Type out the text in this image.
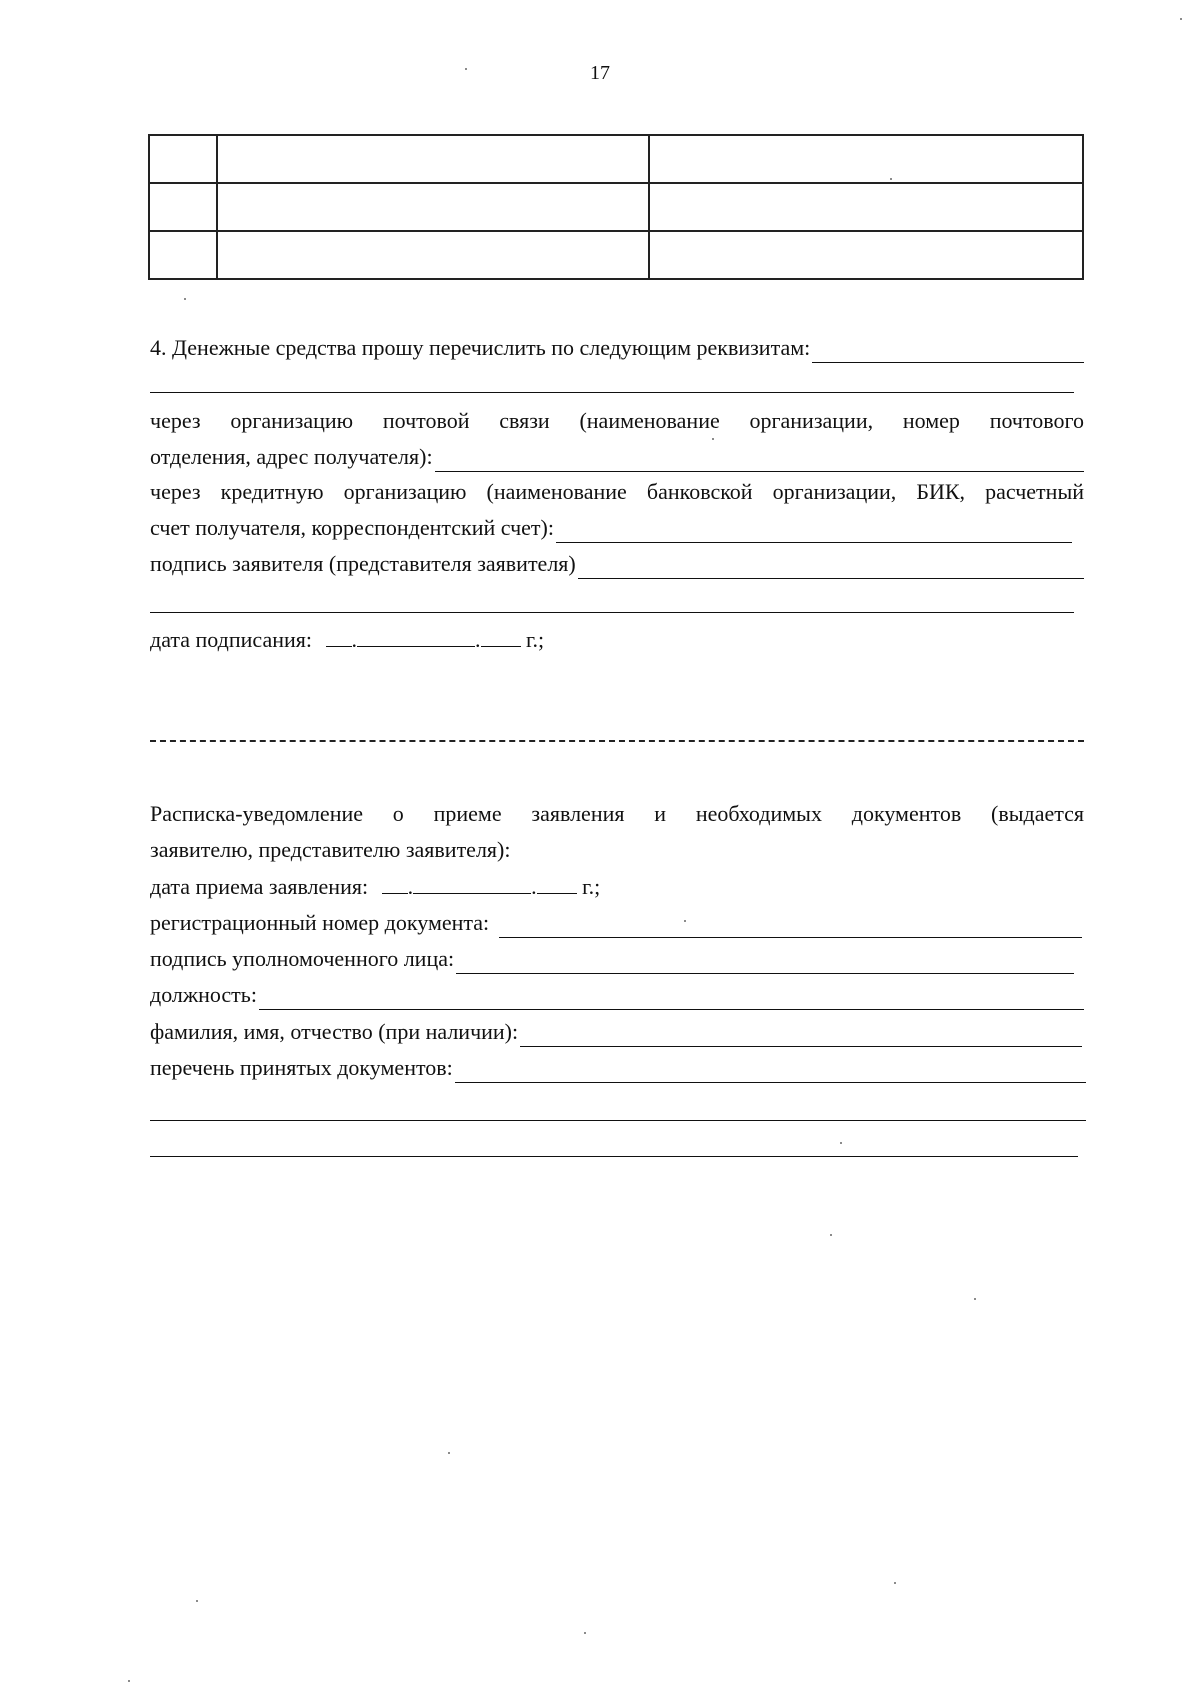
17

4. Денежные средства прошу перечислить по следующим реквизитам:
через организацию почтовой связи (наименование организации, номер почтового
отделения, адрес получателя):
через кредитную организацию (наименование банковской организации, БИК, расчетный
счет получателя, корреспондентский счет):
подпись заявителя (представителя заявителя)
дата подписания: .	. г.;
Расписка-уведомление о приеме заявления и необходимых документов (выдается
заявителю, представителю заявителя):
дата приема заявления: .	. г.;
регистрационный номер документа:
подпись уполномоченного лица:
должность:
фамилия, имя, отчество (при наличии):
перечень принятых документов:
